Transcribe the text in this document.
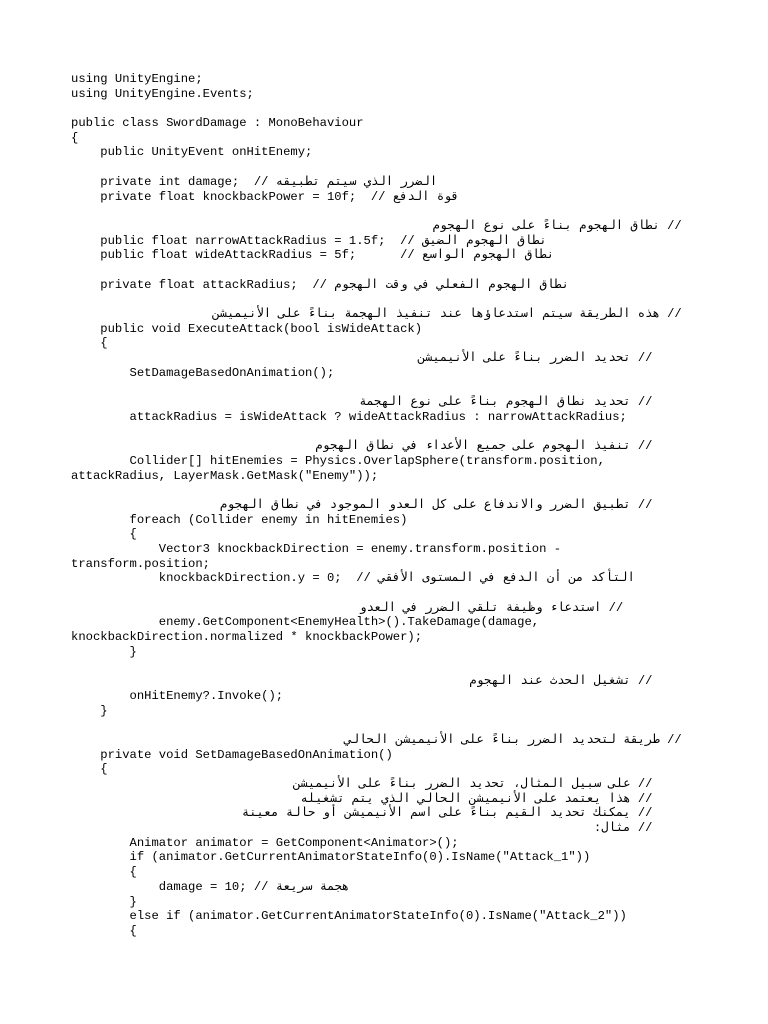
using UnityEngine;
using UnityEngine.Events;
public class SwordDamage : MonoBehaviour
{
public UnityEvent onHitEnemy;
private int damage;  // الضرر الذي سيتم تطبيقه
private float knockbackPower = 10f;  // قوة الدفع
// نطاق الهجوم بناءً على نوع الهجوم
public float narrowAttackRadius = 1.5f;  // نطاق الهجوم الضيق
public float wideAttackRadius = 5f;      // نطاق الهجوم الواسع
private float attackRadius;  // نطاق الهجوم الفعلي في وقت الهجوم
// هذه الطريقة سيتم استدعاؤها عند تنفيذ الهجمة بناءً على الأنيميشن
public void ExecuteAttack(bool isWideAttack)
{
// تحديد الضرر بناءً على الأنيميشن
SetDamageBasedOnAnimation();
// تحديد نطاق الهجوم بناءً على نوع الهجمة
attackRadius = isWideAttack ? wideAttackRadius : narrowAttackRadius;
// تنفيذ الهجوم على جميع الأعداء في نطاق الهجوم
Collider[] hitEnemies = Physics.OverlapSphere(transform.position,
attackRadius, LayerMask.GetMask("Enemy"));
// تطبيق الضرر والاندفاع على كل العدو الموجود في نطاق الهجوم
foreach (Collider enemy in hitEnemies)
{
Vector3 knockbackDirection = enemy.transform.position -
transform.position;
knockbackDirection.y = 0;  // التأكد من أن الدفع في المستوى الأفقي
// استدعاء وظيفة تلقي الضرر في العدو
enemy.GetComponent<EnemyHealth>().TakeDamage(damage,
knockbackDirection.normalized * knockbackPower);
}
// تشغيل الحدث عند الهجوم
onHitEnemy?.Invoke();
}
// طريقة لتحديد الضرر بناءً على الأنيميشن الحالي
private void SetDamageBasedOnAnimation()
{
// على سبيل المثال، تحديد الضرر بناءً على الأنيميشن
// هذا يعتمد على الأنيميشن الحالي الذي يتم تشغيله
// يمكنك تحديد القيم بناءً على اسم الأنيميشن أو حالة معينة
// مثال:
Animator animator = GetComponent<Animator>();
if (animator.GetCurrentAnimatorStateInfo(0).IsName("Attack_1"))
{
damage = 10; // هجمة سريعة
}
else if (animator.GetCurrentAnimatorStateInfo(0).IsName("Attack_2"))
{
